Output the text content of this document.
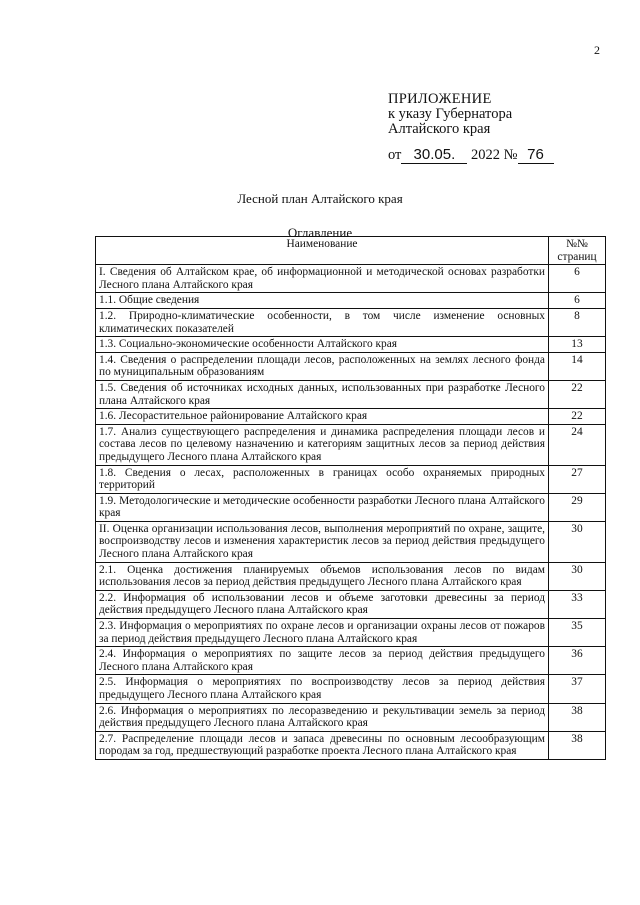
2
ПРИЛОЖЕНИЕ
к указу Губернатора
Алтайского края
от 30.05. 2022 № 76
Лесной план Алтайского края
Оглавление
Наименование	№№
страниц
I. Сведения об Алтайском крае, об информационной и методической основах разработки Лесного плана Алтайского края	6
1.1. Общие сведения	6
1.2. Природно-климатические особенности, в том числе изменение основных климатических показателей	8
1.3. Социально-экономические особенности Алтайского края	13
1.4. Сведения о распределении площади лесов, расположенных на землях лесного фонда по муниципальным образованиям	14
1.5. Сведения об источниках исходных данных, использованных при разработке Лесного плана Алтайского края	22
1.6. Лесорастительное районирование Алтайского края	22
1.7. Анализ существующего распределения и динамика распределения площади лесов и состава лесов по целевому назначению и категориям защитных лесов за период действия предыдущего Лесного плана Алтайского края	24
1.8. Сведения о лесах, расположенных в границах особо охраняемых природных территорий	27
1.9. Методологические и методические особенности разработки Лесного плана Алтайского края	29
II. Оценка организации использования лесов, выполнения мероприятий по охране, защите, воспроизводству лесов и изменения характеристик лесов за период действия предыдущего Лесного плана Алтайского края	30
2.1. Оценка достижения планируемых объемов использования лесов по видам использования лесов за период действия предыдущего Лесного плана Алтайского края	30
2.2. Информация об использовании лесов и объеме заготовки древесины за период действия предыдущего Лесного плана Алтайского края	33
2.3. Информация о мероприятиях по охране лесов и организации охраны лесов от пожаров за период действия предыдущего Лесного плана Алтайского края	35
2.4. Информация о мероприятиях по защите лесов за период действия предыдущего Лесного плана Алтайского края	36
2.5. Информация о мероприятиях по воспроизводству лесов за период действия предыдущего Лесного плана Алтайского края	37
2.6. Информация о мероприятиях по лесоразведению и рекультивации земель за период действия предыдущего Лесного плана Алтайского края	38
2.7. Распределение площади лесов и запаса древесины по основным лесообразующим породам за год, предшествующий разработке проекта Лесного плана Алтайского края	38
